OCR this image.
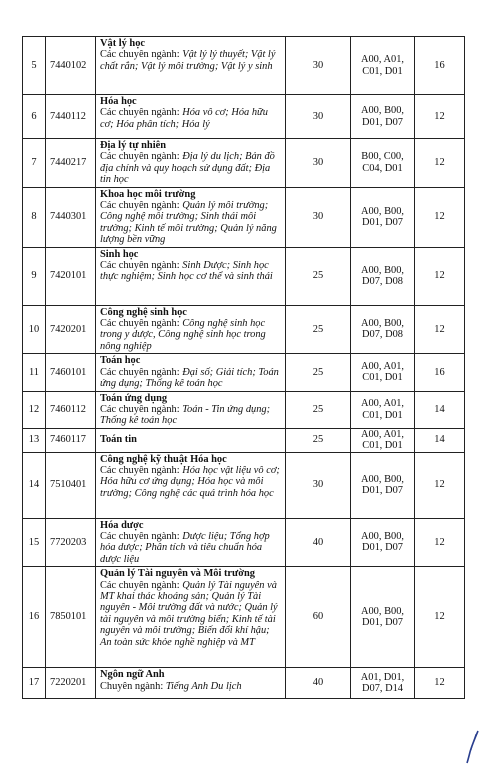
5	7440102	Vật lý học
Các chuyên ngành: Vật lý lý thuyết; Vật lý chất rắn; Vật lý môi trường; Vật lý y sinh	30	A00, A01, C01, D01	16
6	7440112	Hóa học
Các chuyên ngành: Hóa vô cơ; Hóa hữu cơ; Hóa phân tích; Hóa lý	30	A00, B00, D01, D07	12
7	7440217	Địa lý tự nhiên
Các chuyên ngành: Địa lý du lịch; Bản đồ địa chính và quy hoạch sử dụng đất; Địa tin học	30	B00, C00, C04, D01	12
8	7440301	Khoa học môi trường
Các chuyên ngành: Quản lý môi trường; Công nghệ môi trường; Sinh thái môi trường; Kinh tế môi trường; Quản lý năng lượng bền vững	30	A00, B00, D01, D07	12
9	7420101	Sinh học
Các chuyên ngành: Sinh Dược; Sinh học thực nghiệm; Sinh học cơ thể và sinh thái	25	A00, B00, D07, D08	12
10	7420201	Công nghệ sinh học
Các chuyên ngành: Công nghệ sinh học trong y dược, Công nghệ sinh học trong nông nghiệp	25	A00, B00, D07, D08	12
11	7460101	Toán học
Các chuyên ngành: Đại số; Giải tích; Toán ứng dụng; Thống kê toán học	25	A00, A01, C01, D01	16
12	7460112	Toán ứng dụng
Các chuyên ngành: Toán - Tin ứng dụng; Thống kê toán học	25	A00, A01, C01, D01	14
13	7460117	Toán tin	25	A00, A01, C01, D01	14
14	7510401	Công nghệ kỹ thuật Hóa học
Các chuyên ngành: Hóa học vật liệu vô cơ; Hóa hữu cơ ứng dụng; Hóa học và môi trường; Công nghệ các quá trình hóa học	30	A00, B00, D01, D07	12
15	7720203	Hóa dược
Các chuyên ngành: Dược liệu; Tổng hợp hóa dược; Phân tích và tiêu chuẩn hóa dược liệu	40	A00, B00, D01, D07	12
16	7850101	Quản lý Tài nguyên và Môi trường
Các chuyên ngành: Quản lý Tài nguyên và MT khai thác khoáng sản; Quản lý Tài nguyên - Môi trường đất và nước; Quản lý tài nguyên và môi trường biển; Kinh tế tài nguyên và môi trường; Biến đổi khí hậu; An toàn sức khỏe nghề nghiệp và MT	60	A00, B00, D01, D07	12
17	7220201	Ngôn ngữ Anh
Chuyên ngành: Tiếng Anh Du lịch	40	A01, D01, D07, D14	12
